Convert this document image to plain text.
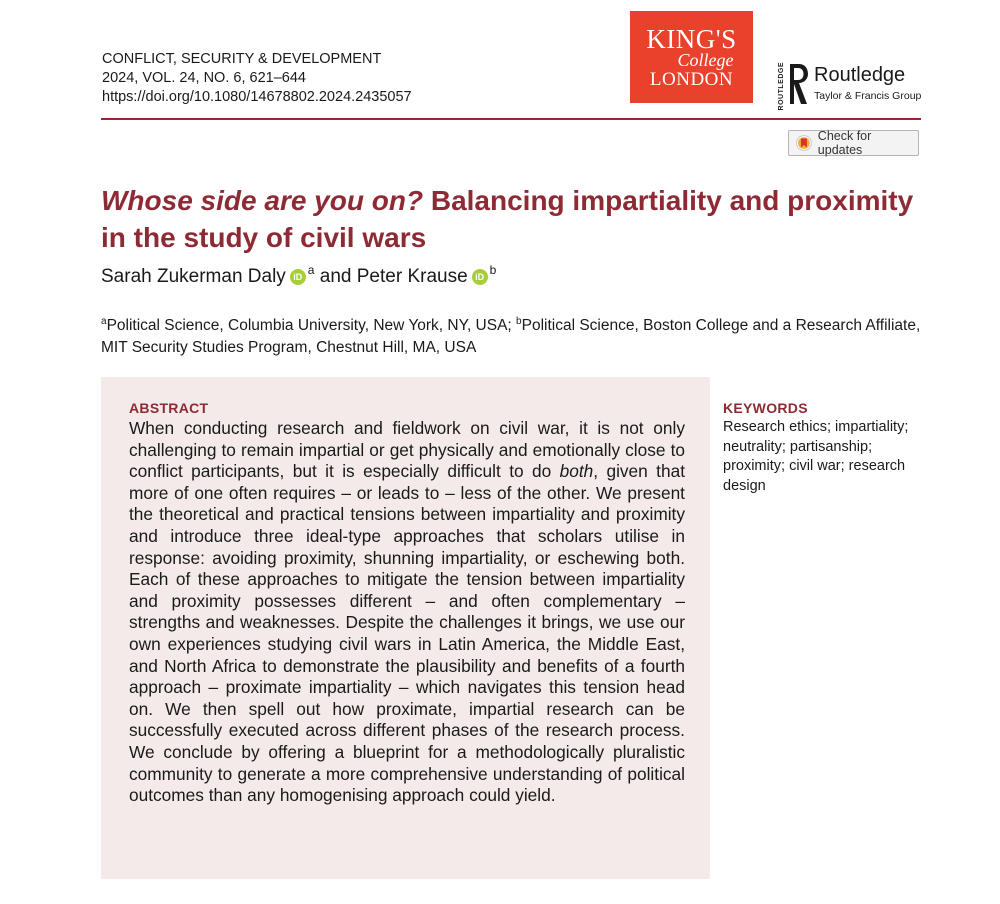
CONFLICT, SECURITY & DEVELOPMENT
2024, VOL. 24, NO. 6, 621–644
https://doi.org/10.1080/14678802.2024.2435057
KING'S
College
LONDON	ROUTLEDGE Routledge
Taylor & Francis Group
Check for updates
Whose side are you on? Balancing impartiality and proximity in the study of civil wars
Sarah Zukerman Daly iD a and Peter Krause iD b
$^a$Political Science, Columbia University, New York, NY, USA; $^b$Political Science, Boston College and a Research Affiliate, MIT Security Studies Program, Chestnut Hill, MA, USA
ABSTRACT

When conducting research and fieldwork on civil war, it is not only challenging to remain impartial or get physically and emotionally close to conflict participants, but it is especially difficult to do both, given that more of one often requires – or leads to – less of the other. We present the theoretical and practical tensions between impartiality and proximity and introduce three ideal-type approaches that scholars utilise in response: avoiding proximity, shunning impartiality, or eschewing both. Each of these approaches to mitigate the tension between impartiality and proximity possesses different – and often complementary – strengths and weaknesses. Despite the challenges it brings, we use our own experiences studying civil wars in Latin America, the Middle East, and North Africa to demonstrate the plausibility and benefits of a fourth approach – proximate impartiality – which navigates this tension head on. We then spell out how proximate, impartial research can be successfully executed across different phases of the research process. We conclude by offering a blueprint for a methodologically pluralistic community to generate a more comprehensive understanding of political outcomes than any homogenising approach could yield.

KEYWORDS
Research ethics; impartiality; neutrality; partisanship; proximity; civil war; research design
